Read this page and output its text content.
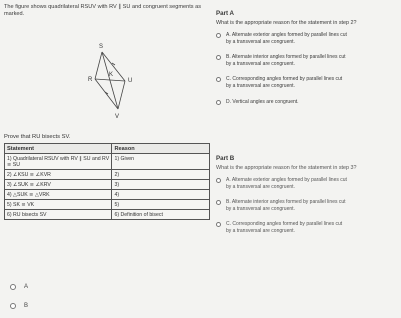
The figure shows quadrilateral RSUV with RV ∥ SU and congruent segments as marked.
S
R
K
U
V
Prove that RU bisects SV.
Statement	Reason
1) Quadrilateral RSUV with RV ∥ SU and RV ≅ SU	1) Given
2) ∠KSU ≅ ∠KVR	2)
3) ∠SUK ≅ ∠KRV	3)
4) △SUK ≅ △VRK	4)
5) SK ≅ VK	5)
6) RU bisects SV	6) Definition of bisect
A
B
Part A
What is the appropriate reason for the statement in step 2?
A. Alternate exterior angles formed by parallel lines cut
by a transversal are congruent.
B. Alternate interior angles formed by parallel lines cut
by a transversal are congruent.
C. Corresponding angles formed by parallel lines cut
by a transversal are congruent.
D. Vertical angles are congruent.
Part B
What is the appropriate reason for the statement in step 3?
A. Alternate exterior angles formed by parallel lines cut
by a transversal are congruent.
B. Alternate interior angles formed by parallel lines cut
by a transversal are congruent.
C. Corresponding angles formed by parallel lines cut
by a transversal are congruent.
